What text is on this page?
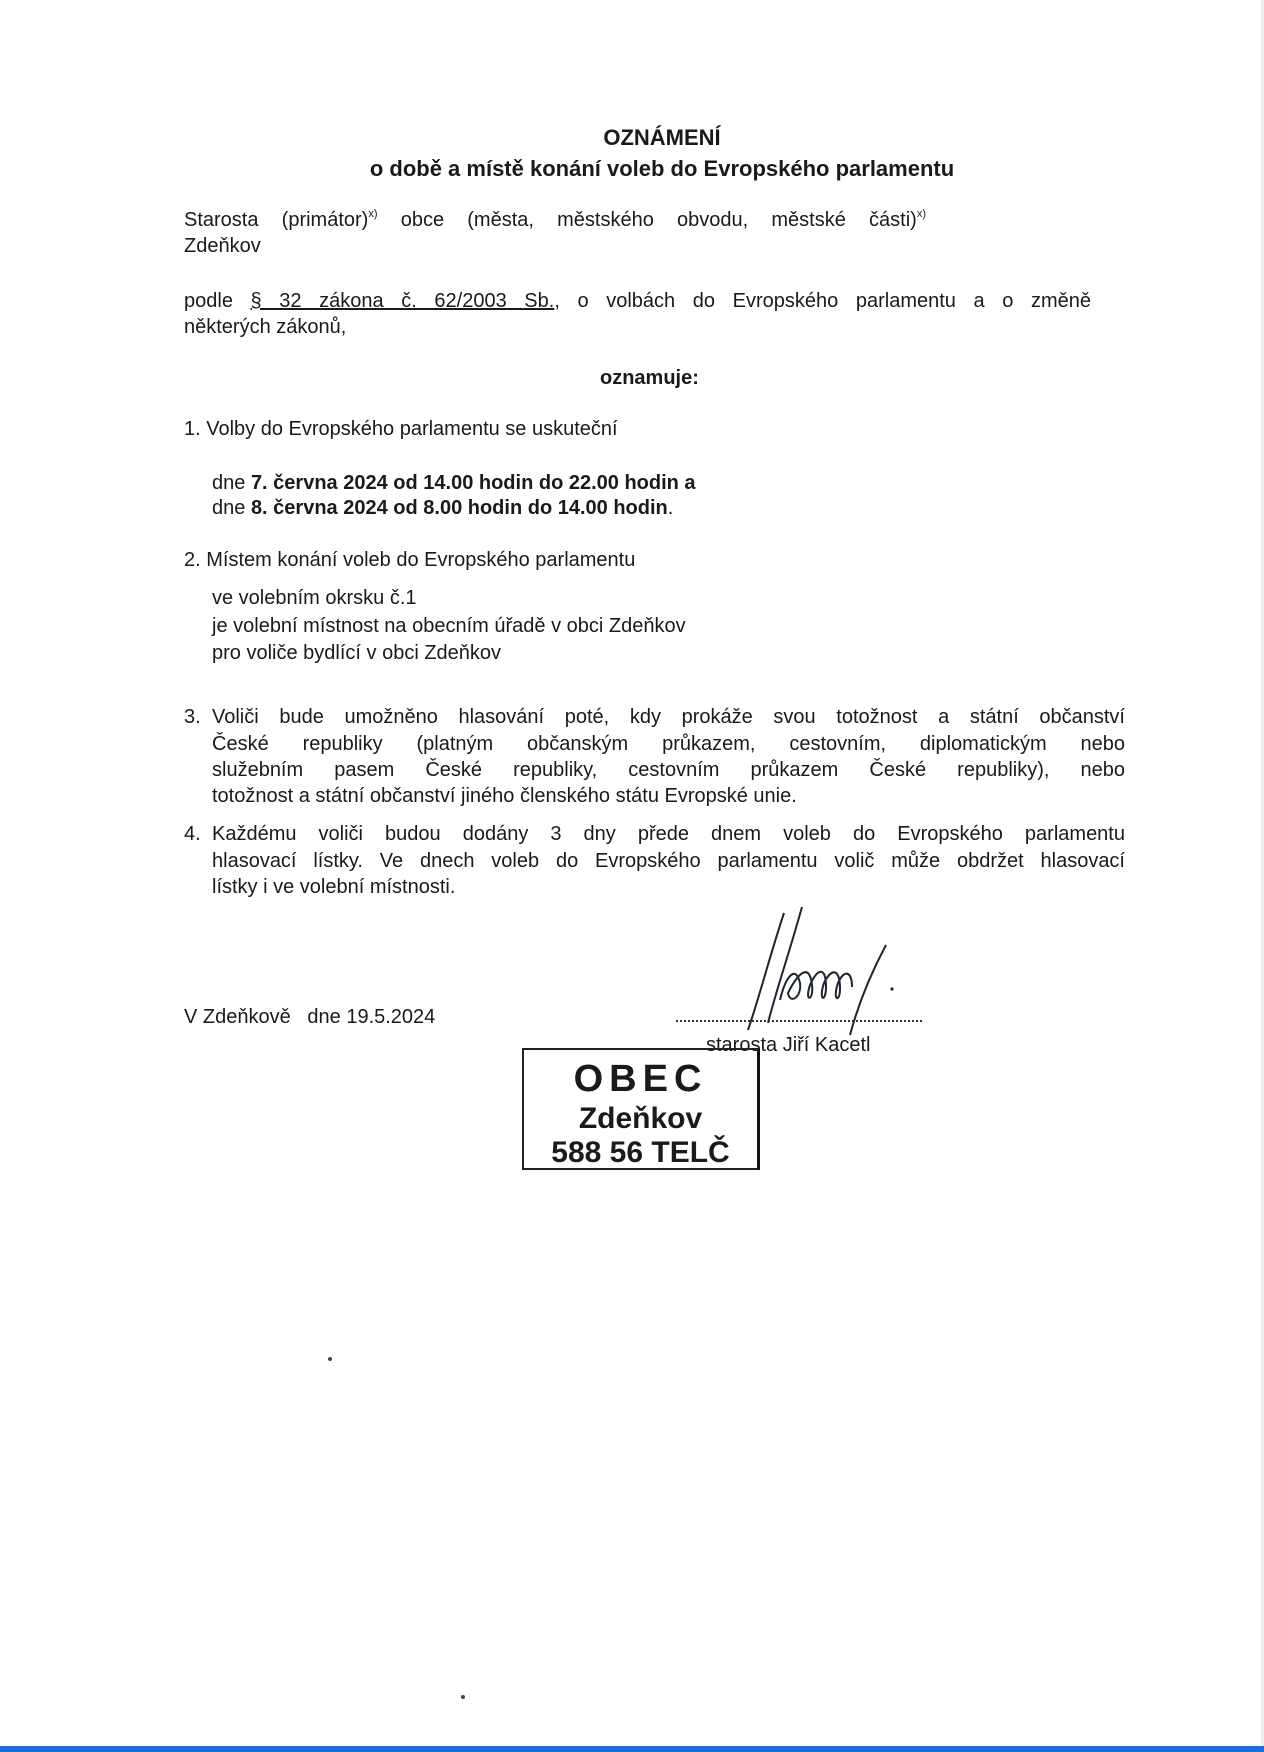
OZNÁMENÍ
o době a místě konání voleb do Evropského parlamentu
Starosta (primátor)$^{x)}$ obce (města, městského obvodu, městské části)$^{x)}$
Zdeňkov
podle § 32 zákona č. 62/2003 Sb., o volbách do Evropského parlamentu a o změně
některých zákonů,
oznamuje:
1. Volby do Evropského parlamentu se uskuteční
dne 7. června 2024 od 14.00 hodin do 22.00 hodin a
dne 8. června 2024 od 8.00 hodin do 14.00 hodin.
2. Místem konání voleb do Evropského parlamentu
ve volebním okrsku č.1
je volební místnost na obecním úřadě v obci Zdeňkov
pro voliče bydlící v obci Zdeňkov
3. Voliči bude umožněno hlasování poté, kdy prokáže svou totožnost a státní občanství
České republiky (platným občanským průkazem, cestovním, diplomatickým nebo
služebním pasem České republiky, cestovním průkazem České republiky), nebo
totožnost a státní občanství jiného členského státu Evropské unie.
4. Každému voliči budou dodány 3 dny přede dnem voleb do Evropského parlamentu
hlasovací lístky. Ve dnech voleb do Evropského parlamentu volič může obdržet hlasovací
lístky i ve volební místnosti.
V Zdeňkově   dne 19.5.2024
starosta Jiří Kacetl
OBEC
Zdeňkov
588 56 TELČ
